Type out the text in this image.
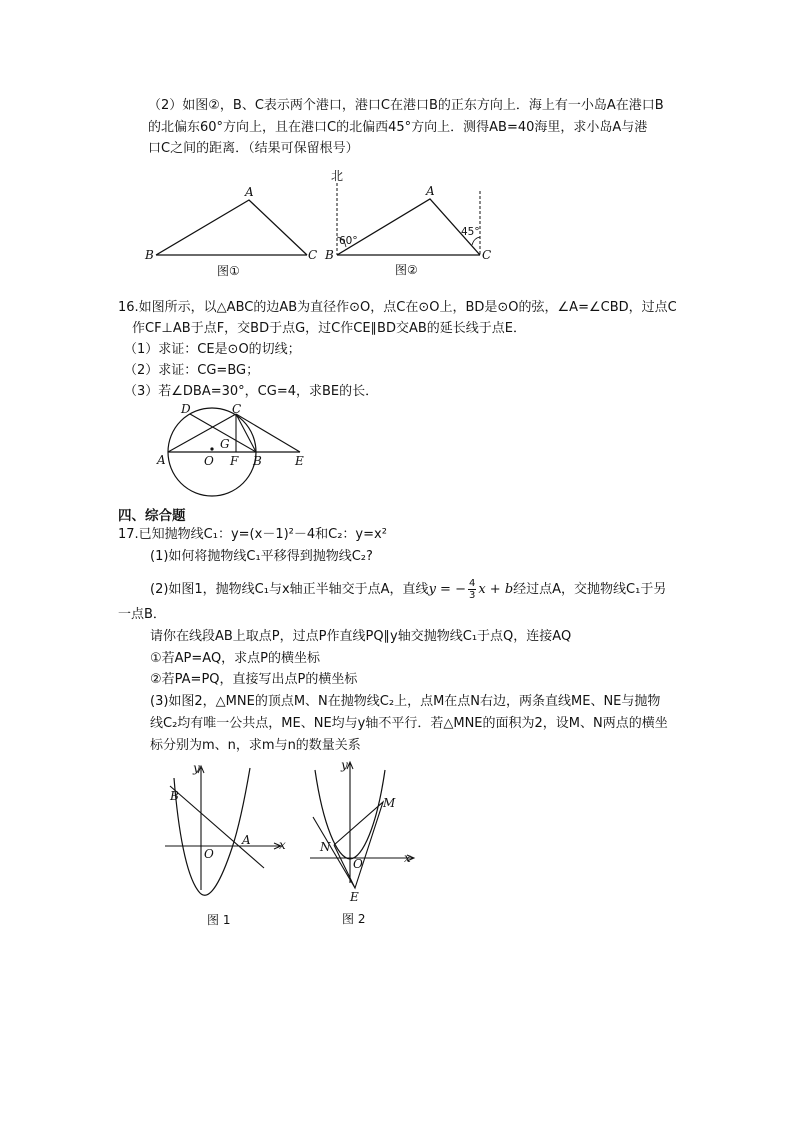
（2）如图②，B、C表示两个港口，港口C在港口B的正东方向上．海上有一小岛A在港口B
的北偏东60°方向上，且在港口C的北偏西45°方向上．测得AB=40海里，求小岛A与港
口C之间的距离．（结果可保留根号）
A
B	C
图①
北
60°
45°
A
B	C
图②
16.如图所示，以△ABC的边AB为直径作⊙O，点C在⊙O上，BD是⊙O的弦，∠A=∠CBD，过点C
作CF⊥AB于点F，交BD于点G，过C作CE∥BD交AB的延长线于点E．
（1）求证：CE是⊙O的切线；
（2）求证：CG=BG；
（3）若∠DBA=30°，CG=4，求BE的长．
D	C
G
A	O F B	E
四、综合题
17.已知抛物线C₁：y=(x－1)²－4和C₂：y=x²
(1)如何将抛物线C₁平移得到抛物线C₂?
(2)如图1，抛物线C₁与x轴正半轴交于点A，直线y = − $\frac{4}{3}$ x + b经过点A，交抛物线C₁于另
一点B．
请你在线段AB上取点P，过点P作直线PQ∥y轴交抛物线C₁于点Q，连接AQ
①若AP=AQ，求点P的横坐标
②若PA=PQ，直接写出点P的横坐标
(3)如图2，△MNE的顶点M、N在抛物线C₂上，点M在点N右边，两条直线ME、NE与抛物
线C₂均有唯一公共点，ME、NE均与y轴不平行．若△MNE的面积为2，设M、N两点的横坐
标分别为m、n，求m与n的数量关系
y
x
B
A
O
图 1
y
x
M
N
O
E
图 2
